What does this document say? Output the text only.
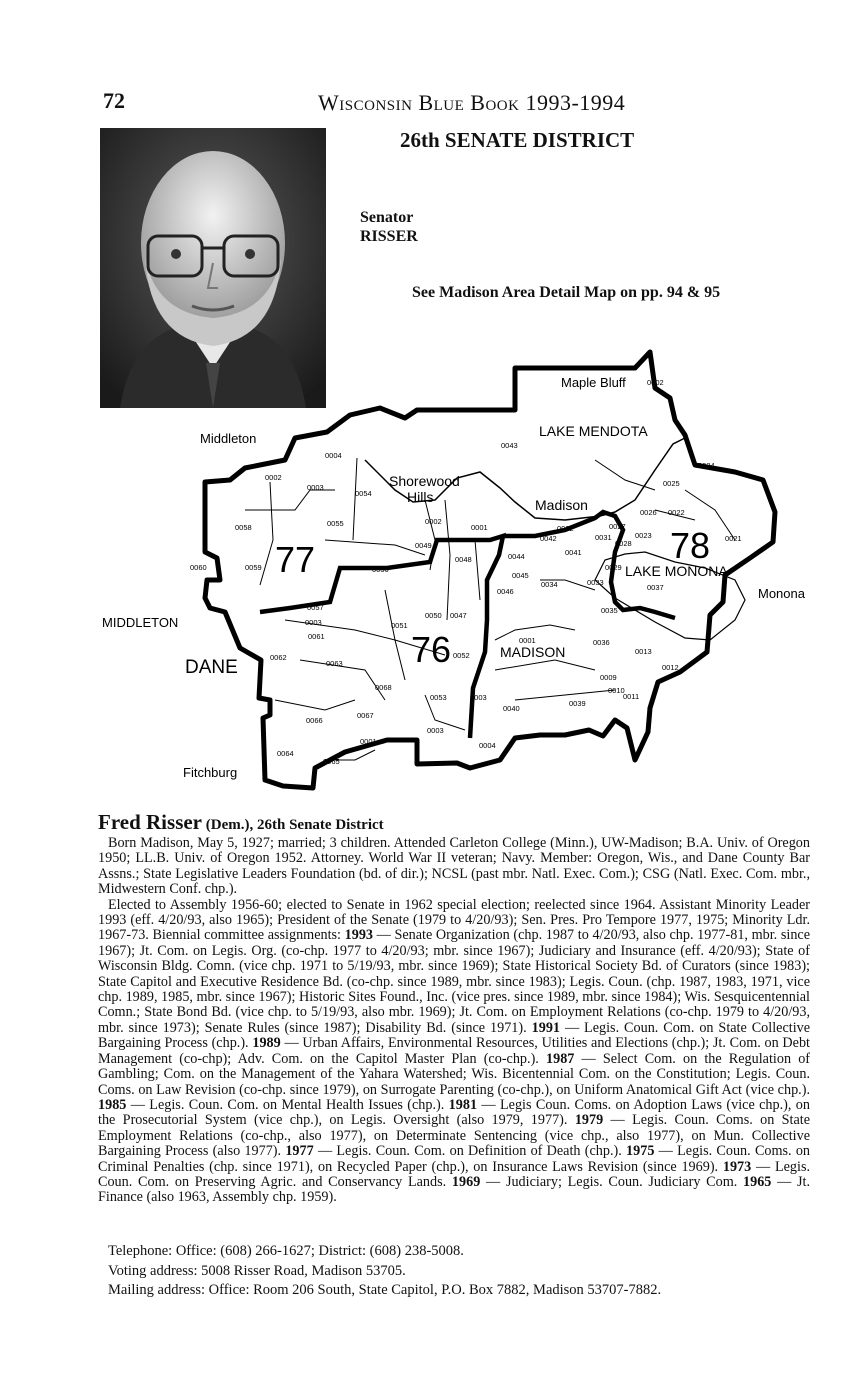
72	Wisconsin Blue Book 1993-1994
26th SENATE DISTRICT
Senator
RISSER
See Madison Area Detail Map on pp. 94 & 95
Maple Bluff
LAKE MENDOTA
Middleton
Shorewood
Hills	Madison
LAKE MONONA
Monona
MIDDLETON
DANE
MADISON
Fitchburg
77
76
78
0002
0043
0004
0002
0003
0054
0025
0026 0022
0024
0058	0055	0002
0001
0049
0048
0042
0032	0027
0031
0028
0023	0021
0060	0059	0056
0044	0041
0029
0045
0046
0034	0033
0037
0057
0003
0061
0051
0050 0047
0035
0001	0036
0013
0062
0063
0052
0012
0068
0053	0003
0040
0039
0009
0010
0011
0066
0067
0001
0003
0004
0064
0065
Fred Risser (Dem.), 26th Senate District

Born Madison, May 5, 1927; married; 3 children. Attended Carleton College (Minn.), UW-Madison; B.A. Univ. of Oregon 1950; LL.B. Univ. of Oregon 1952. Attorney. World War II veteran; Navy. Member: Oregon, Wis., and Dane County Bar Assns.; State Legislative Leaders Foundation (bd. of dir.); NCSL (past mbr. Natl. Exec. Com.); CSG (Natl. Exec. Com. mbr., Midwestern Conf. chp.).

Elected to Assembly 1956-60; elected to Senate in 1962 special election; reelected since 1964. Assistant Minority Leader 1993 (eff. 4/20/93, also 1965); President of the Senate (1979 to 4/20/93); Sen. Pres. Pro Tempore 1977, 1975; Minority Ldr. 1967-73. Biennial committee assignments: 1993 — Senate Organization (chp. 1987 to 4/20/93, also chp. 1977-81, mbr. since 1967); Jt. Com. on Legis. Org. (co-chp. 1977 to 4/20/93; mbr. since 1967); Judiciary and Insurance (eff. 4/20/93); State of Wisconsin Bldg. Comn. (vice chp. 1971 to 5/19/93, mbr. since 1969); State Historical Society Bd. of Curators (since 1983); State Capitol and Executive Residence Bd. (co-chp. since 1989, mbr. since 1983); Legis. Coun. (chp. 1987, 1983, 1971, vice chp. 1989, 1985, mbr. since 1967); Historic Sites Found., Inc. (vice pres. since 1989, mbr. since 1984); Wis. Sesquicentennial Comn.; State Bond Bd. (vice chp. to 5/19/93, also mbr. 1969); Jt. Com. on Employment Relations (co-chp. 1979 to 4/20/93, mbr. since 1973); Senate Rules (since 1987); Disability Bd. (since 1971). 1991 — Legis. Coun. Com. on State Collective Bargaining Process (chp.). 1989 — Urban Affairs, Environmental Resources, Utilities and Elections (chp.); Jt. Com. on Debt Management (co-chp); Adv. Com. on the Capitol Master Plan (co-chp.). 1987 — Select Com. on the Regulation of Gambling; Com. on the Management of the Yahara Watershed; Wis. Bicentennial Com. on the Constitution; Legis. Coun. Coms. on Law Revision (co-chp. since 1979), on Surrogate Parenting (co-chp.), on Uniform Anatomical Gift Act (vice chp.). 1985 — Legis. Coun. Com. on Mental Health Issues (chp.). 1981 — Legis Coun. Coms. on Adoption Laws (vice chp.), on the Prosecutorial System (vice chp.), on Legis. Oversight (also 1979, 1977). 1979 — Legis. Coun. Coms. on State Employment Relations (co-chp., also 1977), on Determinate Sentencing (vice chp., also 1977), on Mun. Collective Bargaining Process (also 1977). 1977 — Legis. Coun. Com. on Definition of Death (chp.). 1975 — Legis. Coun. Coms. on Criminal Penalties (chp. since 1971), on Recycled Paper (chp.), on Insurance Laws Revision (since 1969). 1973 — Legis. Coun. Com. on Preserving Agric. and Conservancy Lands. 1969 — Judiciary; Legis. Coun. Judiciary Com. 1965 — Jt. Finance (also 1963, Assembly chp. 1959).

Telephone: Office: (608) 266-1627; District: (608) 238-5008.

Voting address: 5008 Risser Road, Madison 53705.

Mailing address: Office: Room 206 South, State Capitol, P.O. Box 7882, Madison 53707-7882.
